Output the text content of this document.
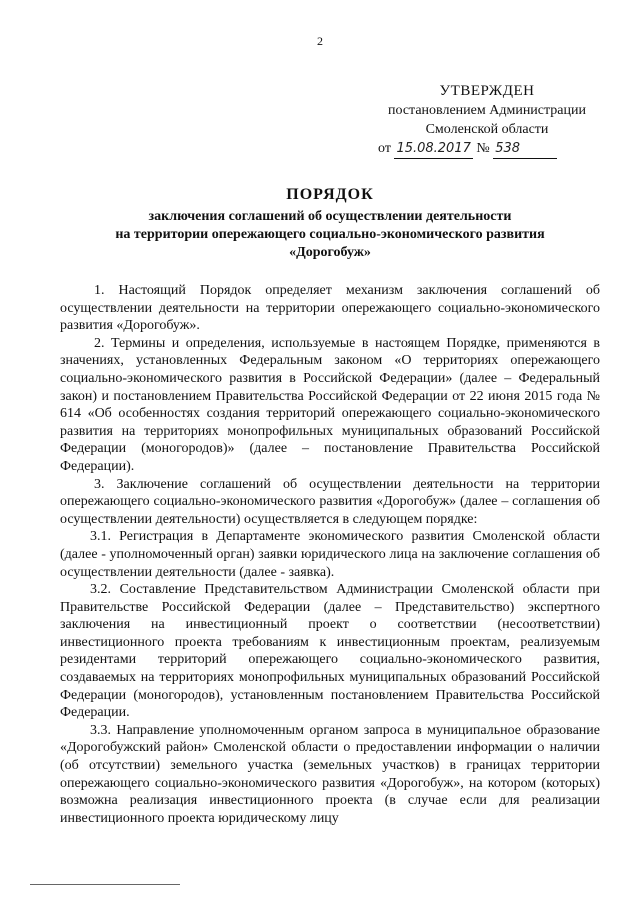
2
УТВЕРЖДЕН
постановлением Администрации
Смоленской области
от 15.08.2017 № 538
ПОРЯДОК
заключения соглашений об осуществлении деятельности
на территории опережающего социально-экономического развития
«Дорогобуж»

1. Настоящий Порядок определяет механизм заключения соглашений об осуществлении деятельности на территории опережающего социально-экономического развития «Дорогобуж».

2. Термины и определения, используемые в настоящем Порядке, применяются в значениях, установленных Федеральным законом «О территориях опережающего социально-экономического развития в Российской Федерации» (далее – Федеральный закон) и постановлением Правительства Российской Федерации от 22 июня 2015 года № 614 «Об особенностях создания территорий опережающего социально-экономического развития на территориях монопрофильных муниципальных образований Российской Федерации (моногородов)» (далее – постановление Правительства Российской Федерации).

3. Заключение соглашений об осуществлении деятельности на территории опережающего социально-экономического развития «Дорогобуж» (далее – соглашения об осуществлении деятельности) осуществляется в следующем порядке:

3.1. Регистрация в Департаменте экономического развития Смоленской области (далее - уполномоченный орган) заявки юридического лица на заключение соглашения об осуществлении деятельности (далее - заявка).

3.2. Составление Представительством Администрации Смоленской области при Правительстве Российской Федерации (далее – Представительство) экспертного заключения на инвестиционный проект о соответствии (несоответствии) инвестиционного проекта требованиям к инвестиционным проектам, реализуемым резидентами территорий опережающего социально-экономического развития, создаваемых на территориях монопрофильных муниципальных образований Российской Федерации (моногородов), установленным постановлением Правительства Российской Федерации.

3.3. Направление уполномоченным органом запроса в муниципальное образование «Дорогобужский район» Смоленской области о предоставлении информации о наличии (об отсутствии) земельного участка (земельных участков) в границах территории опережающего социально-экономического развития «Дорогобуж», на котором (которых) возможна реализация инвестиционного проекта (в случае если для реализации инвестиционного проекта юридическому лицу
